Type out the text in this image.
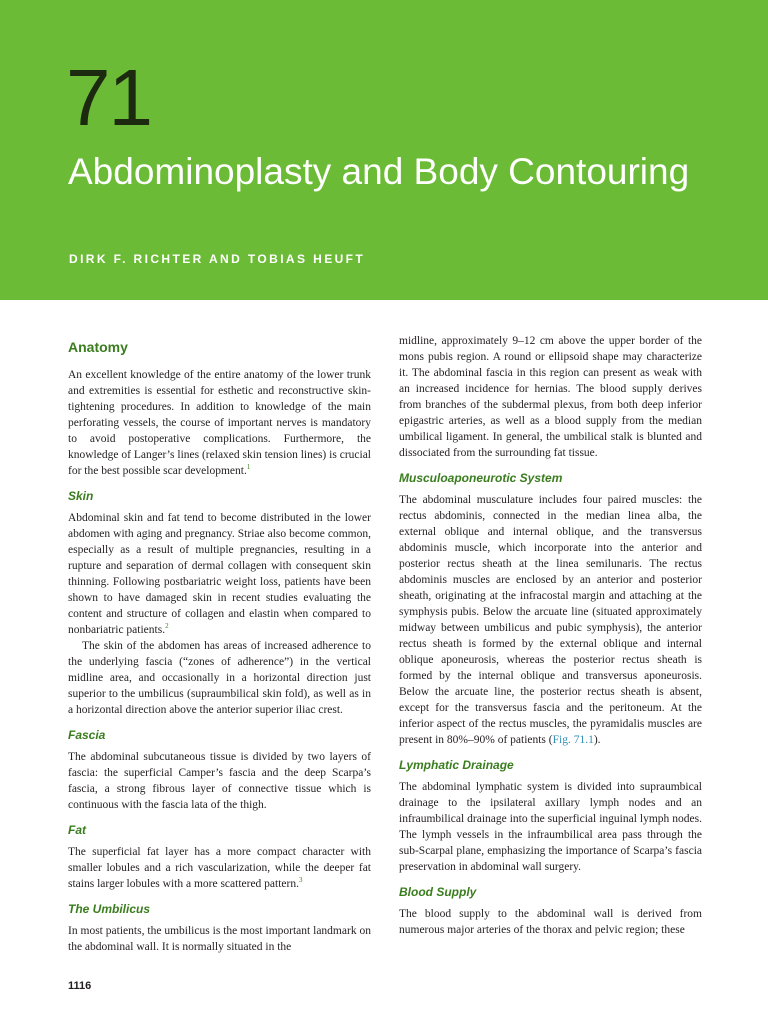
71
Abdominoplasty and Body Contouring
DIRK F. RICHTER AND TOBIAS HEUFT
Anatomy

An excellent knowledge of the entire anatomy of the lower trunk and extremities is essential for esthetic and reconstructive skin-tightening procedures. In addition to knowledge of the main perforating vessels, the course of important nerves is mandatory to avoid postoperative complications. Furthermore, the knowledge of Langer’s lines (relaxed skin tension lines) is crucial for the best possible scar development.$^1$

Skin

Abdominal skin and fat tend to become distributed in the lower abdomen with aging and pregnancy. Striae also become common, especially as a result of multiple pregnancies, resulting in a rupture and separation of dermal collagen with consequent skin thinning. Following postbariatric weight loss, patients have been shown to have damaged skin in recent studies evaluating the content and structure of collagen and elastin when compared to nonbariatric patients.$^2$

The skin of the abdomen has areas of increased adherence to the underlying fascia (“zones of adherence”) in the vertical midline area, and occasionally in a horizontal direction just superior to the umbilicus (supraumbilical skin fold), as well as in a horizontal direction above the anterior superior iliac crest.

Fascia

The abdominal subcutaneous tissue is divided by two layers of fascia: the superficial Camper’s fascia and the deep Scarpa’s fascia, a strong fibrous layer of connective tissue which is continuous with the fascia lata of the thigh.

Fat

The superficial fat layer has a more compact character with smaller lobules and a rich vascularization, while the deeper fat stains larger lobules with a more scattered pattern.$^3$

The Umbilicus

In most patients, the umbilicus is the most important landmark on the abdominal wall. It is normally situated in the

midline, approximately 9–12 cm above the upper border of the mons pubis region. A round or ellipsoid shape may characterize it. The abdominal fascia in this region can present as weak with an increased incidence for hernias. The blood supply derives from branches of the subdermal plexus, from both deep inferior epigastric arteries, as well as a blood supply from the median umbilical ligament. In general, the umbilical stalk is blunted and dissociated from the surrounding fat tissue.

Musculoaponeurotic System

The abdominal musculature includes four paired muscles: the rectus abdominis, connected in the median linea alba, the external oblique and internal oblique, and the transversus abdominis muscle, which incorporate into the anterior and posterior rectus sheath at the linea semilunaris. The rectus abdominis muscles are enclosed by an anterior and posterior sheath, originating at the infracostal margin and attaching at the symphysis pubis. Below the arcuate line (situated approximately midway between umbilicus and pubic symphysis), the anterior rectus sheath is formed by the external oblique and internal oblique aponeurosis, whereas the posterior rectus sheath is formed by the internal oblique and transversus aponeurosis. Below the arcuate line, the posterior rectus sheath is absent, except for the transversus fascia and the peritoneum. At the inferior aspect of the rectus muscles, the pyramidalis muscles are present in 80%–90% of patients (Fig. 71.1).

Lymphatic Drainage

The abdominal lymphatic system is divided into supraumbical drainage to the ipsilateral axillary lymph nodes and an infraumbilical drainage into the superficial inguinal lymph nodes. The lymph vessels in the infraumbilical area pass through the sub-Scarpal plane, emphasizing the importance of Scarpa’s fascia preservation in abdominal wall surgery.

Blood Supply

The blood supply to the abdominal wall is derived from numerous major arteries of the thorax and pelvic region; these

1116
